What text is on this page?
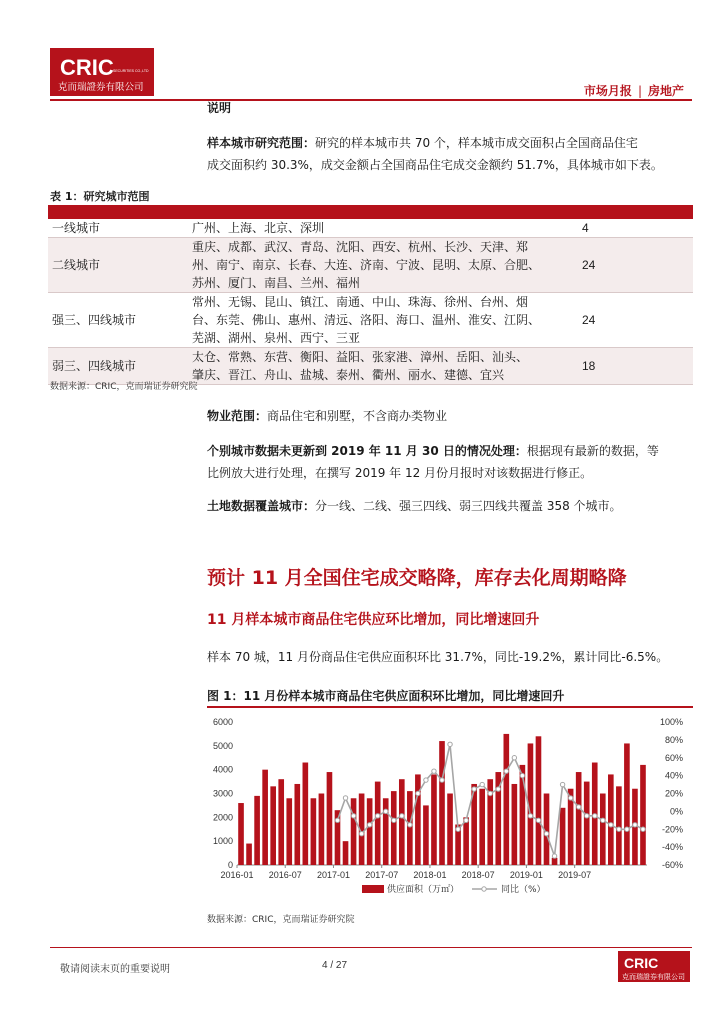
CRIC SECURITIES CO.,LTD
克而瑞證券有限公司	市场月报 | 房地产
说明
样本城市研究范围：研究的样本城市共 70 个，样本城市成交面积占全国商品住宅
成交面积约 30.3%，成交金额占全国商品住宅成交金额约 51.7%，具体城市如下表。
表 1：研究城市范围

一线城市	广州、上海、北京、深圳	4
二线城市	重庆、成都、武汉、青岛、沈阳、西安、杭州、长沙、天津、郑
州、南宁、南京、长春、大连、济南、宁波、昆明、太原、合肥、
苏州、厦门、南昌、兰州、福州	24
强三、四线城市	常州、无锡、昆山、镇江、南通、中山、珠海、徐州、台州、烟
台、东莞、佛山、惠州、清远、洛阳、海口、温州、淮安、江阴、
芜湖、湖州、泉州、西宁、三亚	24
弱三、四线城市	太仓、常熟、东营、衡阳、益阳、张家港、漳州、岳阳、汕头、
肇庆、晋江、舟山、盐城、泰州、衢州、丽水、建德、宜兴	18
数据来源：CRIC，克而瑞证券研究院
物业范围：商品住宅和别墅，不含商办类物业
个别城市数据未更新到 2019 年 11 月 30 日的情况处理：根据现有最新的数据，等
比例放大进行处理，在撰写 2019 年 12 月份月报时对该数据进行修正。
土地数据覆盖城市：分一线、二线、强三四线、弱三四线共覆盖 358 个城市。
预计 11 月全国住宅成交略降，库存去化周期略降
11 月样本城市商品住宅供应环比增加，同比增速回升
样本 70 城，11 月份商品住宅供应面积环比 31.7%，同比-19.2%，累计同比-6.5%。
图 1：11 月份样本城市商品住宅供应面积环比增加，同比增速回升
0
1000
2000
3000
4000
5000
6000
-60%
-40%
-20%
0%
20%
40%
60%
80%
100%
2016-01 2016-07 2017-01 2017-07 2018-01 2018-07 2019-01 2019-07
供应面积（万㎡）	同比（%）
数据来源：CRIC，克而瑞证券研究院
敬请阅读末页的重要说明	4 / 27	CRIC
克而瑞證券有限公司
